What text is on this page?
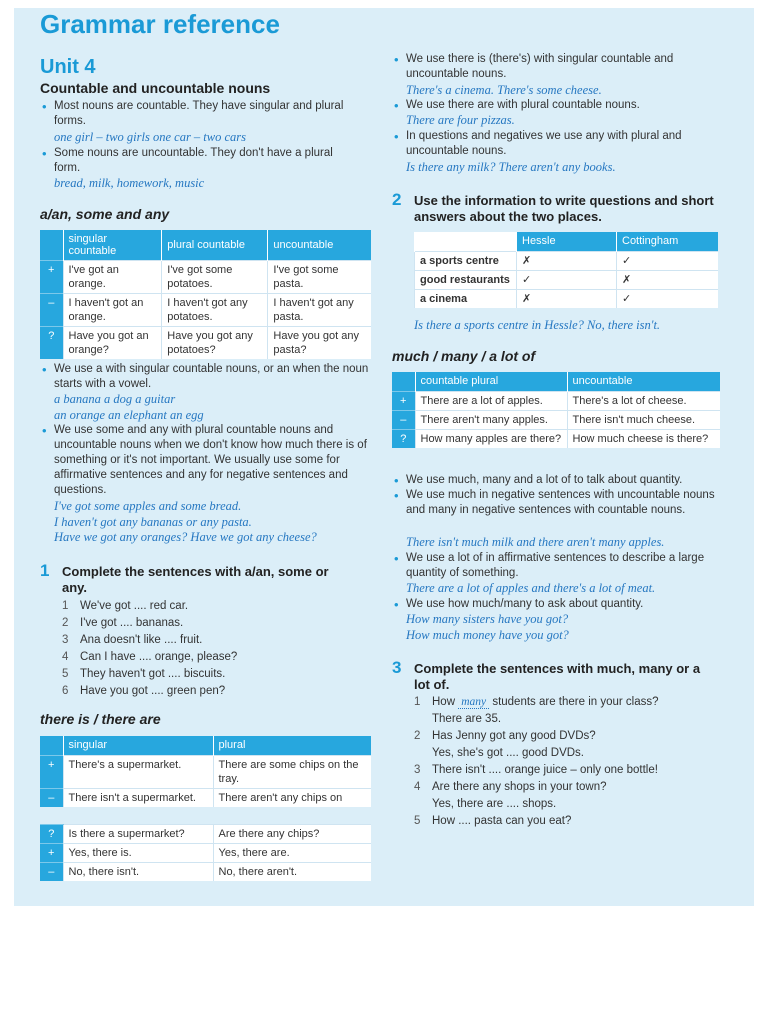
Grammar reference
Unit 4
Countable and uncountable nouns
• Most nouns are countable. They have singular and plural forms.
one girl – two girls one car – two cars
• Some nouns are uncountable. They don't have a plural form.
bread, milk, homework, music
a/an, some and any
	singular countable	plural countable	uncountable
+	I've got an orange.	I've got some potatoes.	I've got some pasta.
–	I haven't got an orange.	I haven't got any potatoes.	I haven't got any pasta.
?	Have you got an orange?	Have you got any potatoes?	Have you got any pasta?
• We use a with singular countable nouns, or an when the noun starts with a vowel.
a banana a dog a guitar
an orange an elephant an egg
• We use some and any with plural countable nouns and uncountable nouns when we don't know how much there is of something or it's not important. We usually use some for affirmative sentences and any for negative sentences and questions.
I've got some apples and some bread.
I haven't got any bananas or any pasta.
Have we got any oranges? Have we got any cheese?
1 Complete the sentences with a/an, some or any.
1	We've got .... red car.
2	I've got .... bananas.
3	Ana doesn't like .... fruit.
4	Can I have .... orange, please?
5	They haven't got .... biscuits.
6	Have you got .... green pen?
there is / there are
	singular	plural
+	There's a supermarket.	There are some chips on the tray.
–	There isn't a supermarket.	There aren't any chips on
?	Is there a supermarket?	Are there any chips?
+	Yes, there is.	Yes, there are.
–	No, there isn't.	No, there aren't.
• We use there is (there's) with singular countable and uncountable nouns.
There's a cinema. There's some cheese.
• We use there are with plural countable nouns.
There are four pizzas.
• In questions and negatives we use any with plural and uncountable nouns.
Is there any milk? There aren't any books.
2 Use the information to write questions and short answers about the two places.
	Hessle	Cottingham
a sports centre	✗	✓
good restaurants	✓	✗
a cinema	✗	✓
Is there a sports centre in Hessle? No, there isn't.
much / many / a lot of
	countable plural	uncountable
+	There are a lot of apples.	There's a lot of cheese.
–	There aren't many apples.	There isn't much cheese.
?	How many apples are there?	How much cheese is there?
• We use much, many and a lot of to talk about quantity.
• We use much in negative sentences with uncountable nouns and many in negative sentences with countable nouns.
There isn't much milk and there aren't many apples.
• We use a lot of in affirmative sentences to describe a large quantity of something.
There are a lot of apples and there's a lot of meat.
• We use how much/many to ask about quantity.
How many sisters have you got?
How much money have you got?
3 Complete the sentences with much, many or a lot of.
1	How many students are there in your class?
There are 35.
2	Has Jenny got any good DVDs?
Yes, she's got .... good DVDs.
3	There isn't .... orange juice – only one bottle!
4	Are there any shops in your town?
Yes, there are .... shops.
5	How .... pasta can you eat?
